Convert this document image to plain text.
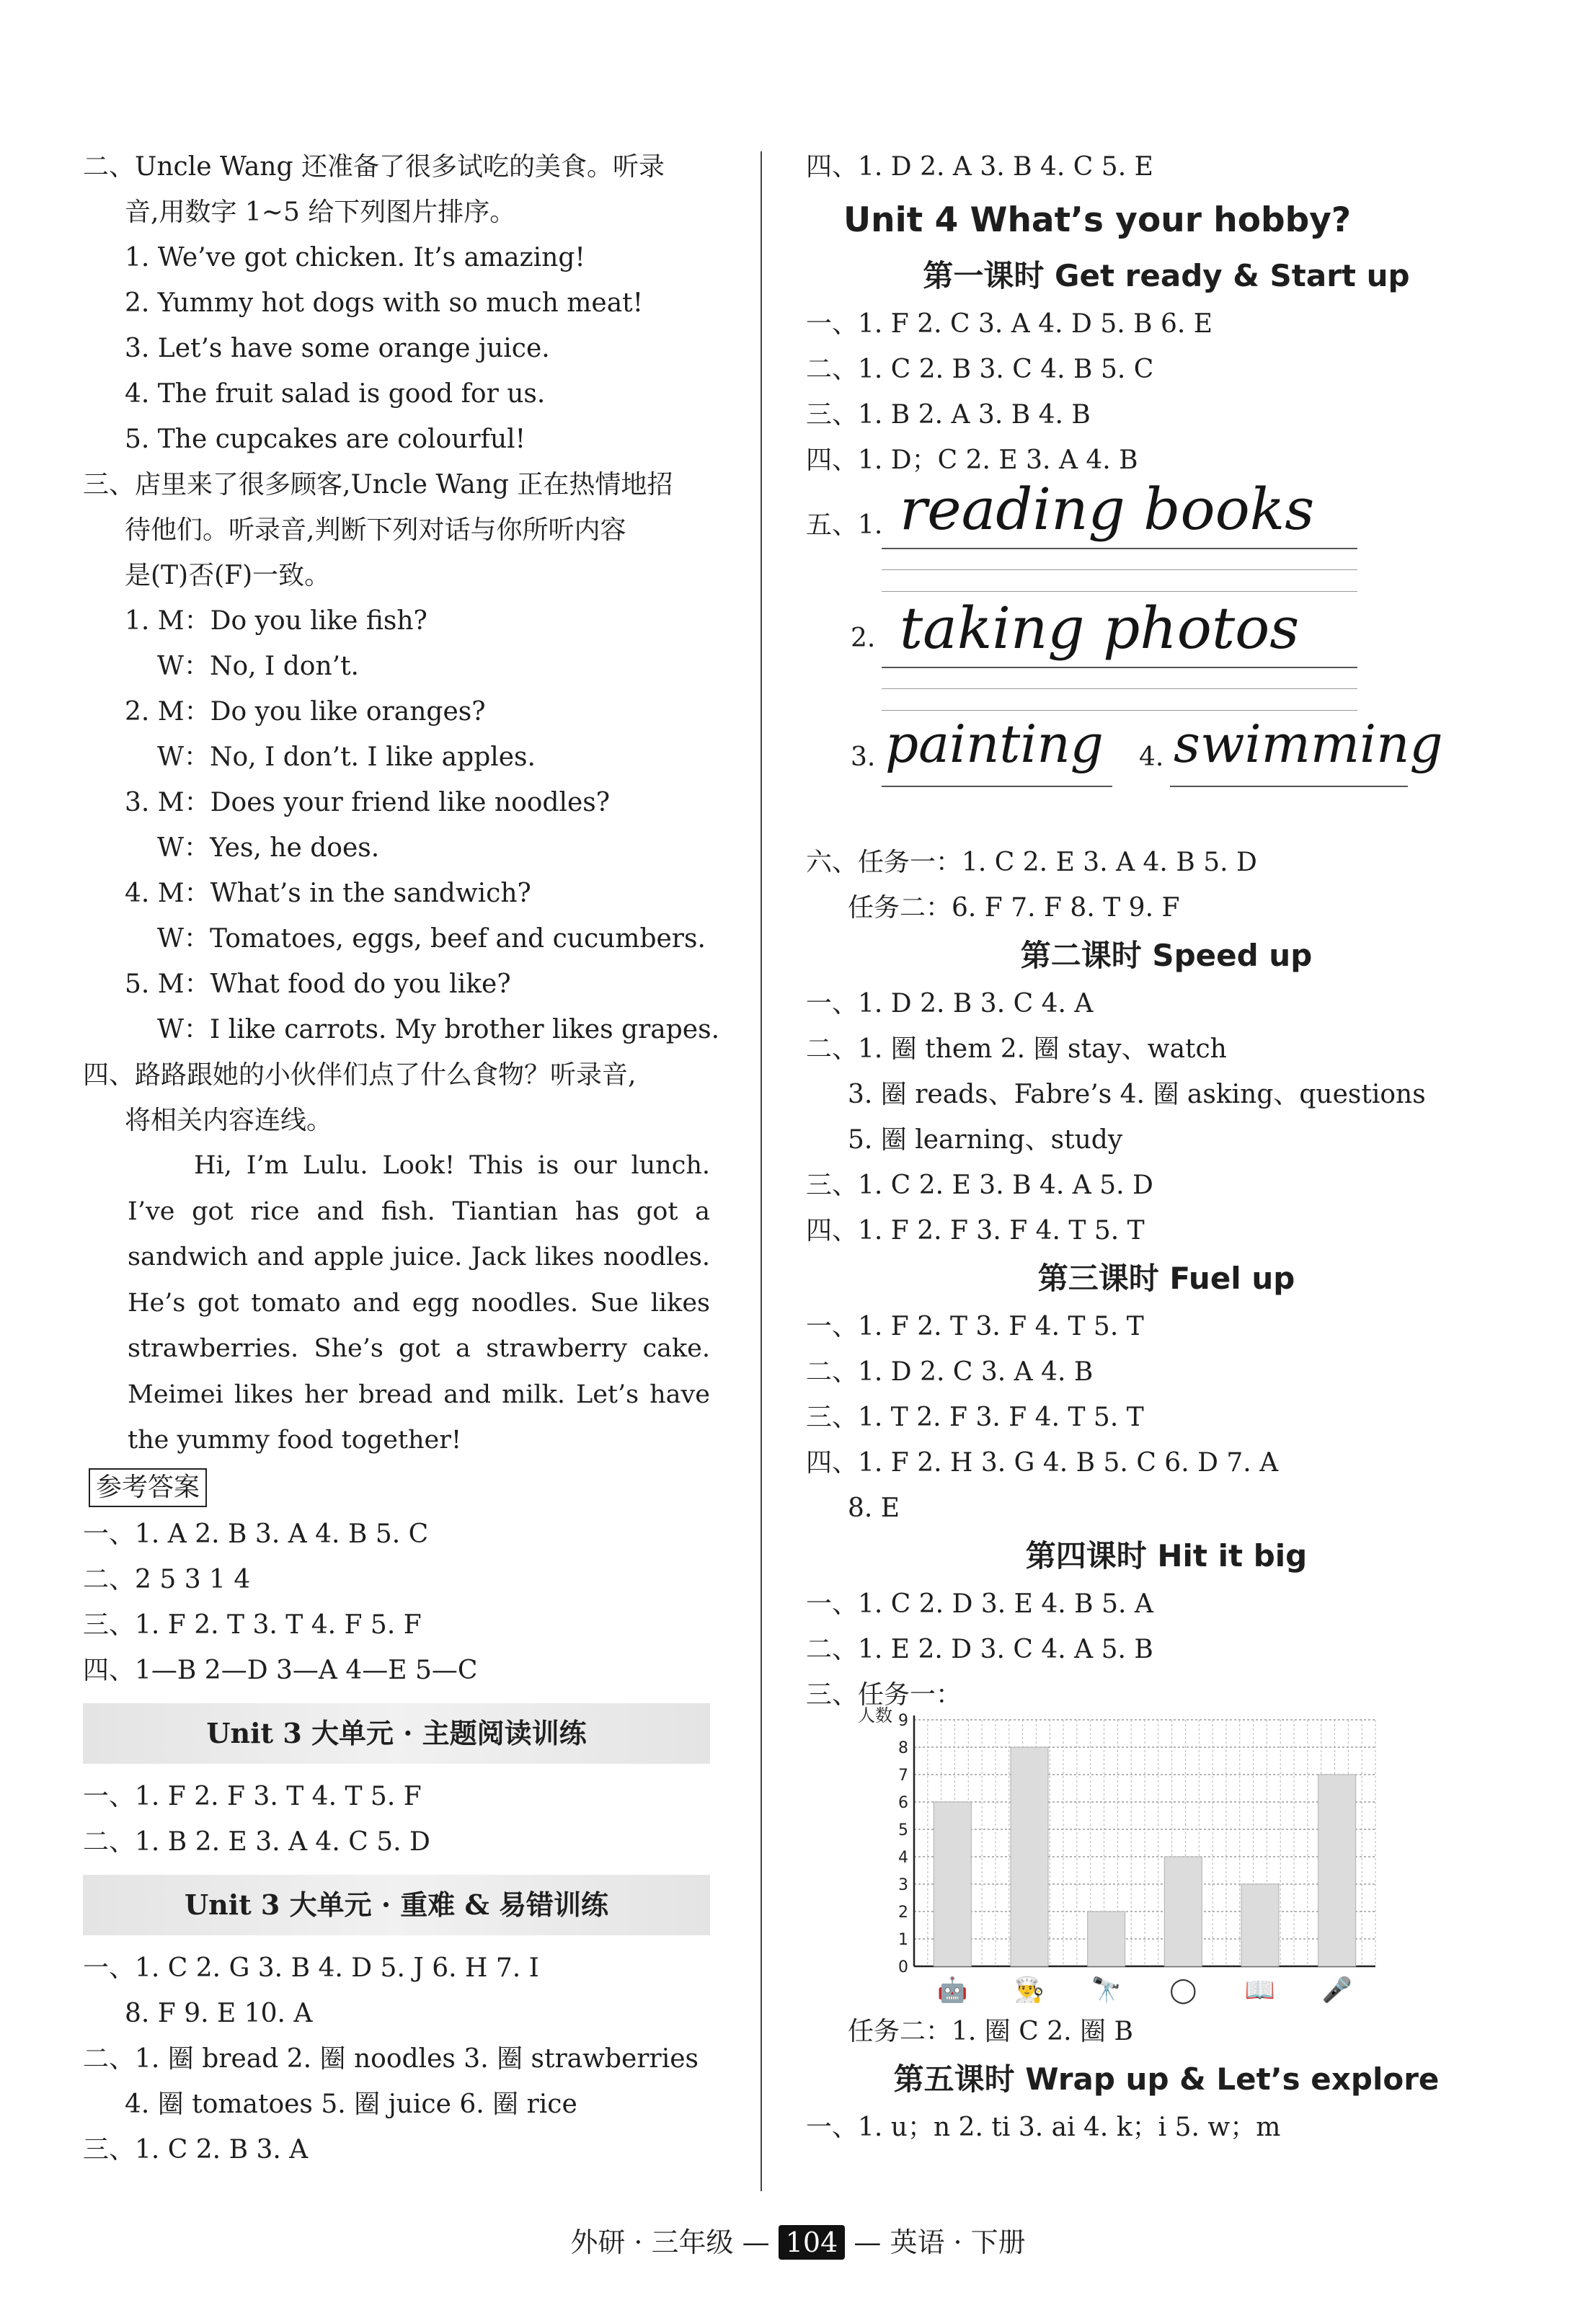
二、Uncle Wang 还准备了很多试吃的美食。听录
音,用数字 1~5 给下列图片排序。
1. We’ve got chicken. It’s amazing!
2. Yummy hot dogs with so much meat!
3. Let’s have some orange juice.
4. The fruit salad is good for us.
5. The cupcakes are colourful!
三、店里来了很多顾客,Uncle Wang 正在热情地招
待他们。听录音,判断下列对话与你所听内容
是(T)否(F)一致。
1. M：Do you like fish?
W：No, I don’t.
2. M：Do you like oranges?
W：No, I don’t. I like apples.
3. M：Does your friend like noodles?
W：Yes, he does.
4. M：What’s in the sandwich?
W：Tomatoes, eggs, beef and cucumbers.
5. M：What food do you like?
W：I like carrots. My brother likes grapes.
四、路路跟她的小伙伴们点了什么食物？听录音,
将相关内容连线。
Hi, I’m Lulu. Look! This is our lunch. I’ve got rice and fish. Tiantian has got a sandwich and apple juice. Jack likes noodles. He’s got tomato and egg noodles. Sue likes strawberries. She’s got a strawberry cake. Meimei likes her bread and milk. Let’s have the yummy food together!
参考答案
一、1. A 2. B 3. A 4. B 5. C
二、2 5 3 1 4
三、1. F 2. T 3. T 4. F 5. F
四、1—B 2—D 3—A 4—E 5—C
Unit 3 大单元 · 主题阅读训练
一、1. F 2. F 3. T 4. T 5. F
二、1. B 2. E 3. A 4. C 5. D
Unit 3 大单元 · 重难 & 易错训练
一、1. C 2. G 3. B 4. D 5. J 6. H 7. I
8. F 9. E 10. A
二、1. 圈 bread 2. 圈 noodles 3. 圈 strawberries
4. 圈 tomatoes 5. 圈 juice 6. 圈 rice
三、1. C 2. B 3. A
四、1. D 2. A 3. B 4. C 5. E
Unit 4 What’s your hobby?
第一课时 Get ready & Start up
一、1. F 2. C 3. A 4. D 5. B 6. E
二、1. C 2. B 3. C 4. B 5. C
三、1. B 2. A 3. B 4. B
四、1. D；C 2. E 3. A 4. B
五、1. reading books
2. taking photos
3. painting 4. swimming
六、任务一：1. C 2. E 3. A 4. B 5. D
任务二：6. F 7. F 8. T 9. F
第二课时 Speed up
一、1. D 2. B 3. C 4. A
二、1. 圈 them 2. 圈 stay、watch
3. 圈 reads、Fabre’s 4. 圈 asking、questions
5. 圈 learning、study
三、1. C 2. E 3. B 4. A 5. D
四、1. F 2. F 3. F 4. T 5. T
第三课时 Fuel up
一、1. F 2. T 3. F 4. T 5. T
二、1. D 2. C 3. A 4. B
三、1. T 2. F 3. F 4. T 5. T
四、1. F 2. H 3. G 4. B 5. C 6. D 7. A
8. E
第四课时 Hit it big
一、1. C 2. D 3. E 4. B 5. A
二、1. E 2. D 3. C 4. A 5. B
三、任务一：
0
1
2
3
4
5
6
7
8
9
人数
🤖 👨‍🍳 🔭 ◯ 📖 🎤
任务二：1. 圈 C 2. 圈 B
第五课时 Wrap up & Let’s explore
一、1. u；n 2. ti 3. ai 4. k；i 5. w；m
外研 · 三年级 — 104 — 英语 · 下册
